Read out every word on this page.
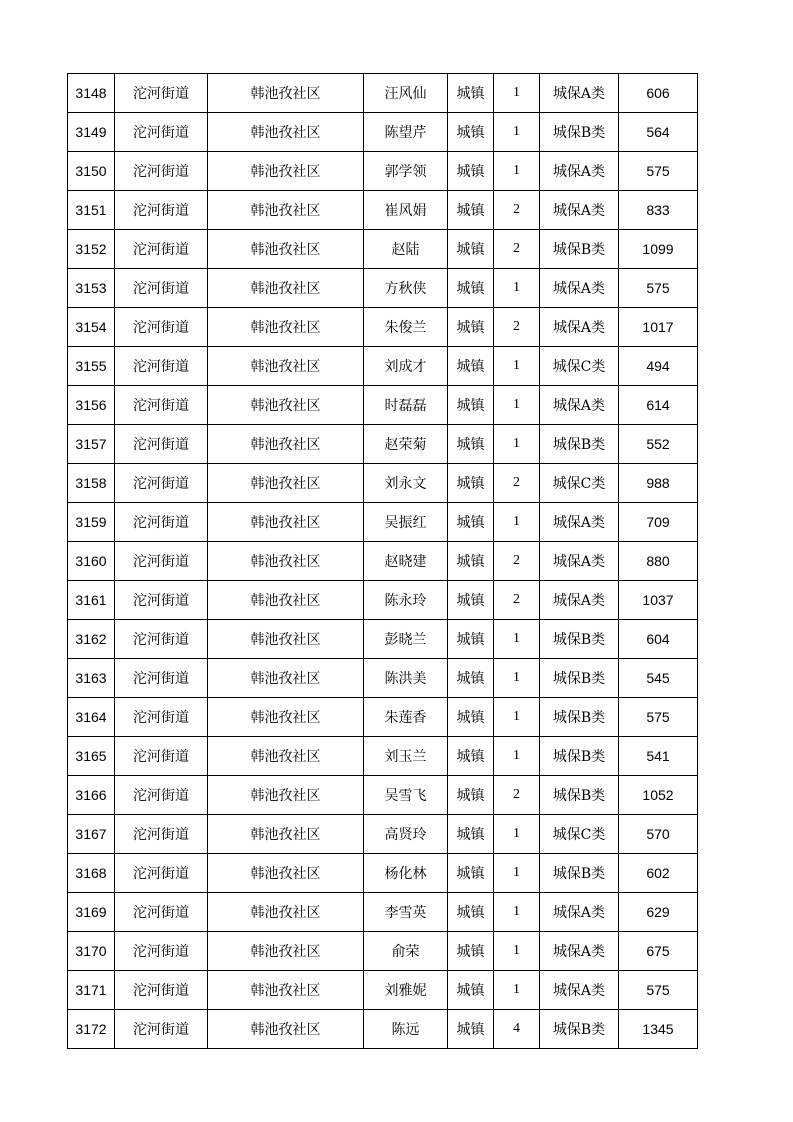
3148	沱河街道	韩池孜社区	汪风仙	城镇	1	城保A类	606
3149	沱河街道	韩池孜社区	陈望芹	城镇	1	城保B类	564
3150	沱河街道	韩池孜社区	郭学领	城镇	1	城保A类	575
3151	沱河街道	韩池孜社区	崔风娟	城镇	2	城保A类	833
3152	沱河街道	韩池孜社区	赵陆	城镇	2	城保B类	1099
3153	沱河街道	韩池孜社区	方秋侠	城镇	1	城保A类	575
3154	沱河街道	韩池孜社区	朱俊兰	城镇	2	城保A类	1017
3155	沱河街道	韩池孜社区	刘成才	城镇	1	城保C类	494
3156	沱河街道	韩池孜社区	时磊磊	城镇	1	城保A类	614
3157	沱河街道	韩池孜社区	赵荣菊	城镇	1	城保B类	552
3158	沱河街道	韩池孜社区	刘永文	城镇	2	城保C类	988
3159	沱河街道	韩池孜社区	吴振红	城镇	1	城保A类	709
3160	沱河街道	韩池孜社区	赵晓建	城镇	2	城保A类	880
3161	沱河街道	韩池孜社区	陈永玲	城镇	2	城保A类	1037
3162	沱河街道	韩池孜社区	彭晓兰	城镇	1	城保B类	604
3163	沱河街道	韩池孜社区	陈洪美	城镇	1	城保B类	545
3164	沱河街道	韩池孜社区	朱莲香	城镇	1	城保B类	575
3165	沱河街道	韩池孜社区	刘玉兰	城镇	1	城保B类	541
3166	沱河街道	韩池孜社区	吴雪飞	城镇	2	城保B类	1052
3167	沱河街道	韩池孜社区	高贤玲	城镇	1	城保C类	570
3168	沱河街道	韩池孜社区	杨化林	城镇	1	城保B类	602
3169	沱河街道	韩池孜社区	李雪英	城镇	1	城保A类	629
3170	沱河街道	韩池孜社区	俞荣	城镇	1	城保A类	675
3171	沱河街道	韩池孜社区	刘雅妮	城镇	1	城保A类	575
3172	沱河街道	韩池孜社区	陈远	城镇	4	城保B类	1345
